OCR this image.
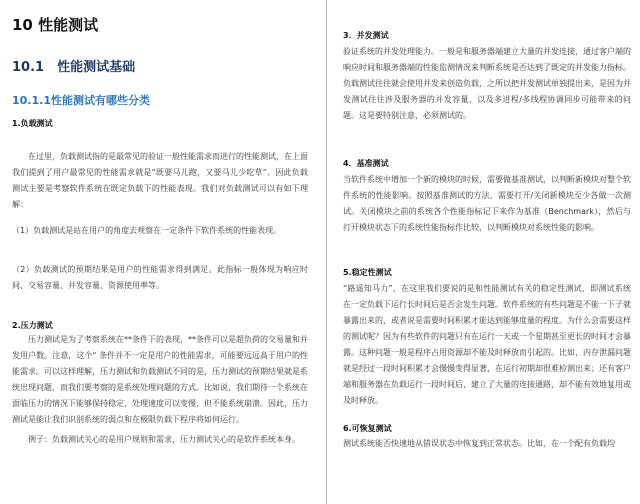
10 性能测试
10.1　性能测试基础
10.1.1性能测试有哪些分类
1.负载测试
在过里，负载测试指的是最常见的验证一般性能需求而进行的性能测试，在上面我们提到了用户最常见的性能需求就是“既要马儿跑，又要马儿少吃草”。因此负载测试主要是考察软件系统在既定负载下的性能表现。我们对负载测试可以有如下理解：
（1）负载测试是站在用户的角度去观察在一定条件下软件系统的性能表现。
（2）负载测试的预期结果是用户的性能需求得到满足。此指标一般体现为响应时间、交易容量、并发容量、资源使用率等。
2.压力测试
压力测试是为了考察系统在**条件下的表现，**条件可以是超负荷的交易量和并发用户数。注意，这个“ 条件并不一定是用户的性能需求，可能要远远高于用户的性能需求。可以这样理解，压力测试和负载测试不同的是，压力测试的预期结果就是系统出现问题，而我们要考察的是系统处理问题的方式。比如说，我们期待一个系统在面临压力的情况下能够保持稳定，处理速度可以变慢，但不能系统崩溃。因此，压力测试是能让我们识别系统的弱点和在极限负载下程序将如何运行。
例子：负载测试关心的是用户规则和需求，压力测试关心的是软件系统本身。
3．并发测试
验证系统的并发处理能力。一般是和服务器端建立大量的并发连接，通过客户端的响应时间和服务器端的性能监测情况来判断系统是否达到了既定的并发能力指标。负载测试往往就会使用并发来创造负载，之所以把并发测试单独提出来，是因为并发测试往往涉及服务器的并发容量，以及多进程/多线程协调同步可能带来的问题。这是要特别注意，必须测试的。
4．基准测试
当软件系统中增加一个新的模块的时候，需要做基准测试，以判断新模块对整个软件系统的性能影响。按照基准测试的方法，需要打开/关闭新模块至少各做一次测试。关闭模块之前的系统各个性能指标记下来作为基准（Benchmark），然后与打开模块状态下的系统性能指标作比较，以判断模块对系统性能的影响。
5.稳定性测试
“路遥知马力”，在这里我们要说的是和性能测试有关的稳定性测试，即测试系统在一定负载下运行长时间后是否会发生问题。软件系统的有些问题是不能一下子就暴露出来的，或者说是需要时间积累才能达到能够度量的程度。为什么会需要这样的测试呢？因为有些软件的问题只有在运行一天或一个星期甚至更长的时间才会暴露。这种问题一般是程序占用资源却不能及时释放而引起的。比如，内存泄漏问题就是经过一段时间积累才会慢慢变得显著，在运行初期却很难检测出来；还有客户端和服务器在负载运行一段时间后，建立了大量的连接通路，却不能有效地复用或及时释放。
6.可恢复测试
测试系统能否快速地从错误状态中恢复到正常状态。比如，在一个配有负载均
